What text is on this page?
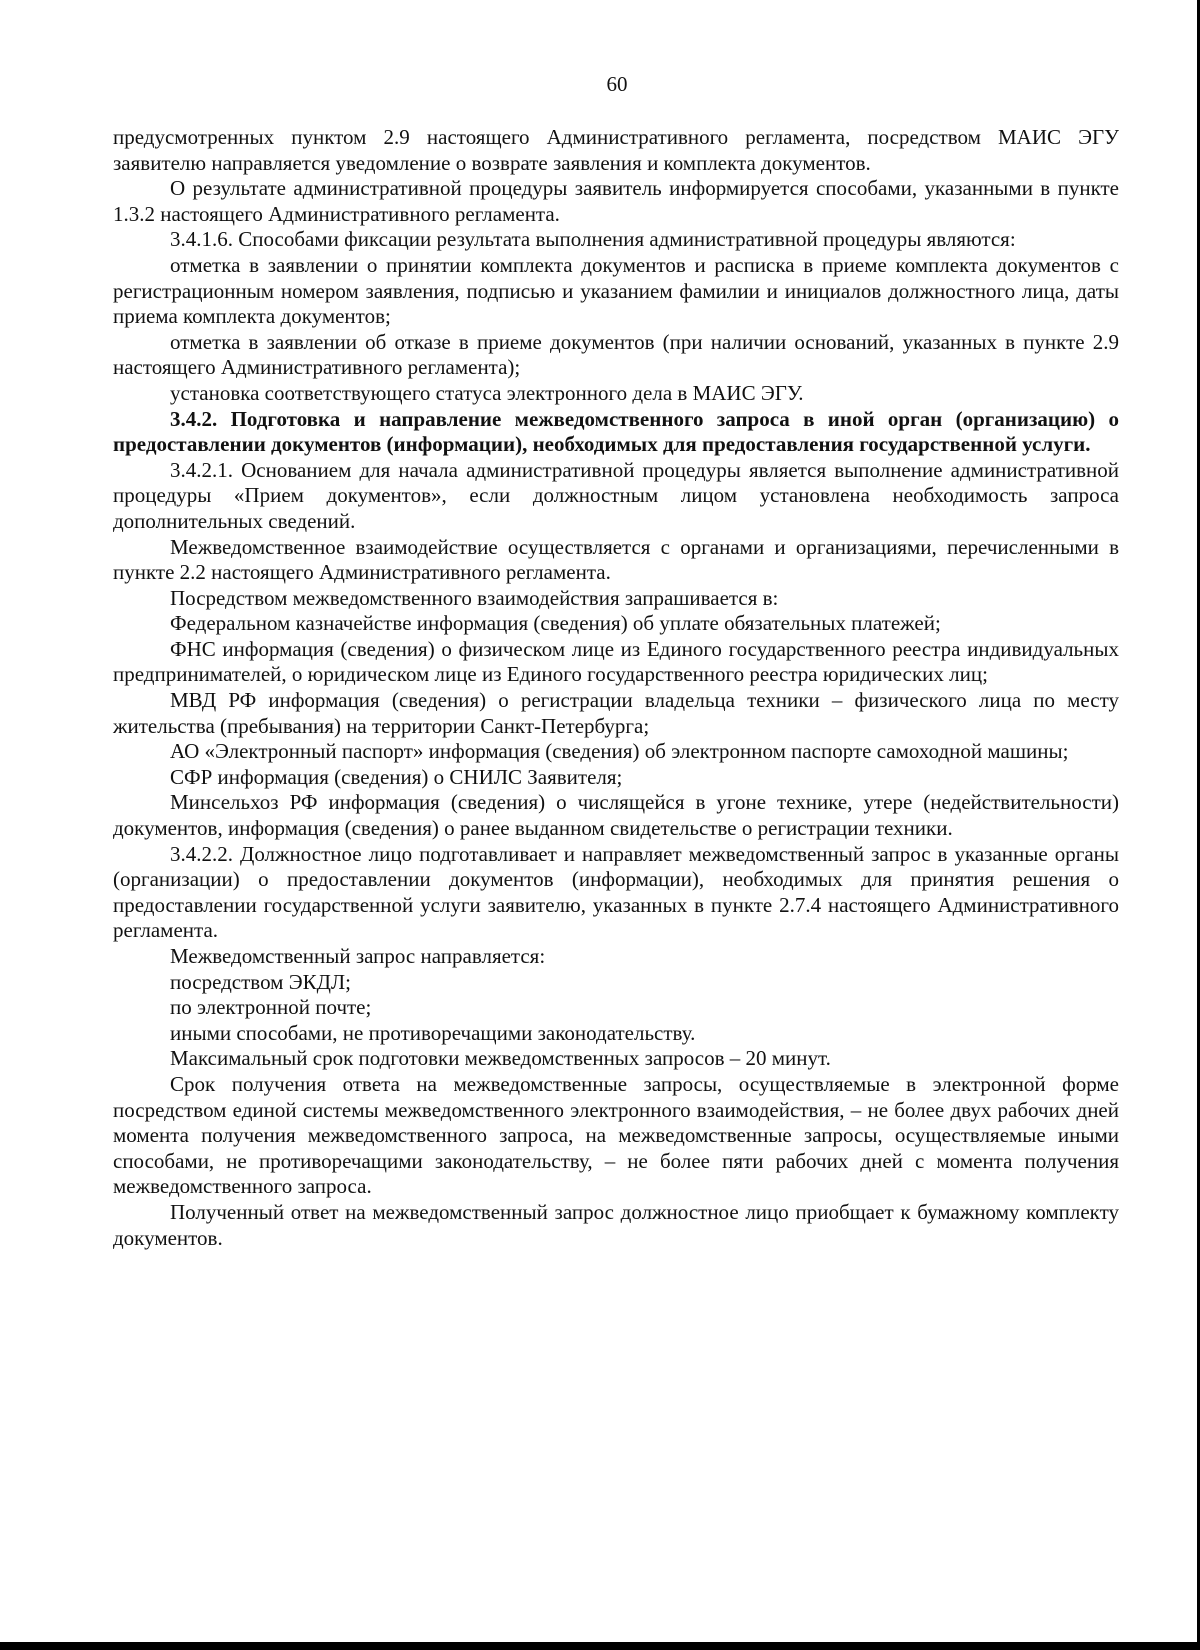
60

предусмотренных пунктом 2.9 настоящего Административного регламента, посредством МАИС ЭГУ заявителю направляется уведомление о возврате заявления и комплекта документов.

О результате административной процедуры заявитель информируется способами, указанными в пункте 1.3.2 настоящего Административного регламента.

3.4.1.6. Способами фиксации результата выполнения административной процедуры являются:

отметка в заявлении о принятии комплекта документов и расписка в приеме комплекта документов с регистрационным номером заявления, подписью и указанием фамилии и инициалов должностного лица, даты приема комплекта документов;

отметка в заявлении об отказе в приеме документов (при наличии оснований, указанных в пункте 2.9 настоящего Административного регламента);

установка соответствующего статуса электронного дела в МАИС ЭГУ.

3.4.2. Подготовка и направление межведомственного запроса в иной орган (организацию) о предоставлении документов (информации), необходимых для предоставления государственной услуги.

3.4.2.1. Основанием для начала административной процедуры является выполнение административной процедуры «Прием документов», если должностным лицом установлена необходимость запроса дополнительных сведений.

Межведомственное взаимодействие осуществляется с органами и организациями, перечисленными в пункте 2.2 настоящего Административного регламента.

Посредством межведомственного взаимодействия запрашивается в:

Федеральном казначействе информация (сведения) об уплате обязательных платежей;

ФНС информация (сведения) о физическом лице из Единого государственного реестра индивидуальных предпринимателей, о юридическом лице из Единого государственного реестра юридических лиц;

МВД РФ информация (сведения) о регистрации владельца техники – физического лица по месту жительства (пребывания) на территории Санкт-Петербурга;

АО «Электронный паспорт» информация (сведения) об электронном паспорте самоходной машины;

СФР информация (сведения) о СНИЛС Заявителя;

Минсельхоз РФ информация (сведения) о числящейся в угоне технике, утере (недействительности) документов, информация (сведения) о ранее выданном свидетельстве о регистрации техники.

3.4.2.2. Должностное лицо подготавливает и направляет межведомственный запрос в указанные органы (организации) о предоставлении документов (информации), необходимых для принятия решения о предоставлении государственной услуги заявителю, указанных в пункте 2.7.4 настоящего Административного регламента.

Межведомственный запрос направляется:

посредством ЭКДЛ;

по электронной почте;

иными способами, не противоречащими законодательству.

Максимальный срок подготовки межведомственных запросов – 20 минут.

Срок получения ответа на межведомственные запросы, осуществляемые в электронной форме посредством единой системы межведомственного электронного взаимодействия, – не более двух рабочих дней момента получения межведомственного запроса, на межведомственные запросы, осуществляемые иными способами, не противоречащими законодательству, – не более пяти рабочих дней с момента получения межведомственного запроса.

Полученный ответ на межведомственный запрос должностное лицо приобщает к бумажному комплекту документов.
